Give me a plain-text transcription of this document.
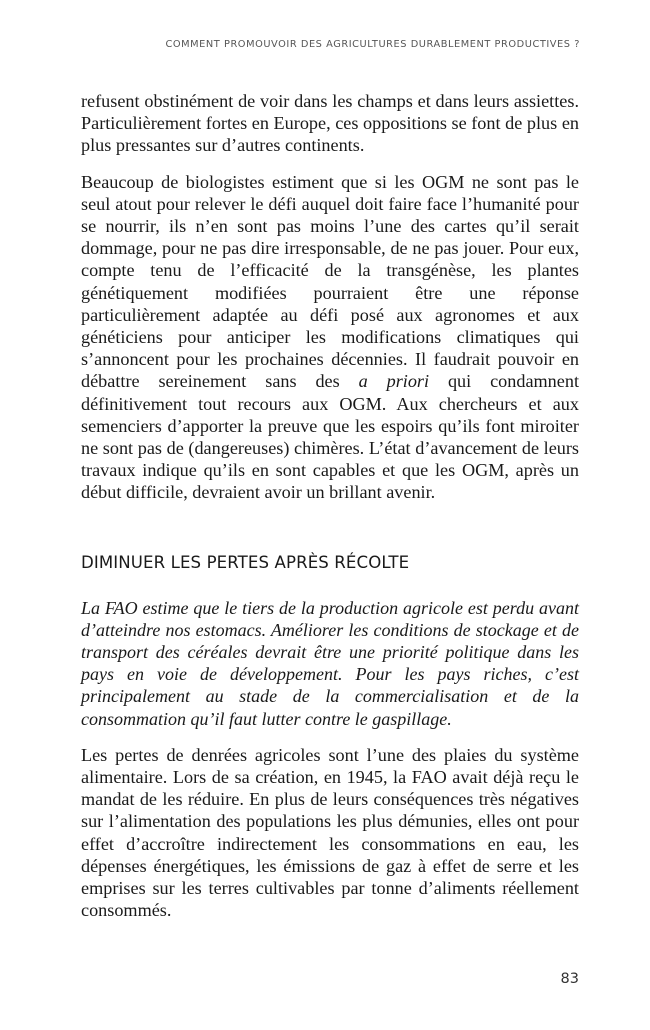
COMMENT PROMOUVOIR DES AGRICULTURES DURABLEMENT PRODUCTIVES ?

refusent obstinément de voir dans les champs et dans leurs assiettes. Particulièrement fortes en Europe, ces oppositions se font de plus en plus pressantes sur d’autres continents.

Beaucoup de biologistes estiment que si les OGM ne sont pas le seul atout pour relever le défi auquel doit faire face l’humanité pour se nourrir, ils n’en sont pas moins l’une des cartes qu’il serait dommage, pour ne pas dire irresponsable, de ne pas jouer. Pour eux, compte tenu de l’efficacité de la transgénèse, les plantes génétiquement modifiées pourraient être une réponse particulièrement adaptée au défi posé aux agronomes et aux généticiens pour anticiper les modifications climatiques qui s’annoncent pour les prochaines décennies. Il faudrait pouvoir en débattre sereinement sans des a priori qui condamnent définitivement tout recours aux OGM. Aux chercheurs et aux semenciers d’apporter la preuve que les espoirs qu’ils font miroiter ne sont pas de (dangereuses) chimères. L’état d’avancement de leurs travaux indique qu’ils en sont capables et que les OGM, après un début difficile, devraient avoir un brillant avenir.

DIMINUER LES PERTES APRÈS RÉCOLTE

La FAO estime que le tiers de la production agricole est perdu avant d’atteindre nos estomacs. Améliorer les conditions de stockage et de transport des céréales devrait être une priorité politique dans les pays en voie de développement. Pour les pays riches, c’est principalement au stade de la commercialisation et de la consommation qu’il faut lutter contre le gaspillage.

Les pertes de denrées agricoles sont l’une des plaies du système alimentaire. Lors de sa création, en 1945, la FAO avait déjà reçu le mandat de les réduire. En plus de leurs conséquences très négatives sur l’alimentation des populations les plus démunies, elles ont pour effet d’accroître indirectement les consommations en eau, les dépenses énergétiques, les émissions de gaz à effet de serre et les emprises sur les terres cultivables par tonne d’aliments réellement consommés.

83
